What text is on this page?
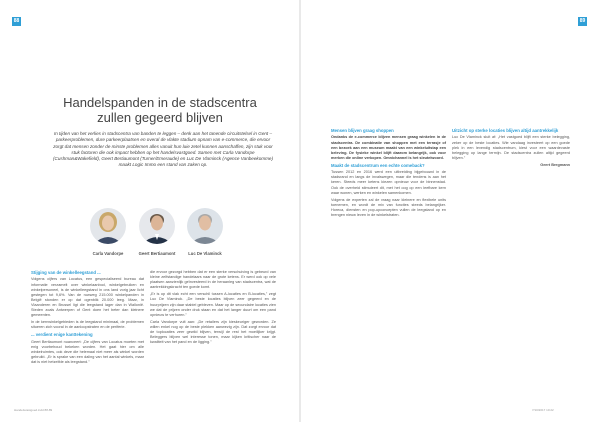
88	89
Handelspanden in de stadscentra
zullen gegeerd blijven

In tijden van het verlies in stadscentra van banden te leggen – denk aan het tanende circuitstelsel in Gent – parkeerproblemen, dure parkeerplaatsen en overal de vlakte stadium opnam van e-commerce, die ervoor zorgt dat mensen zonder de minste problemen alles vanuit hun luie zetel kunnen aanschaffen, zijn stuk voor stuk factoren die ook impact hebben op het handelsvastgoed. Samen met Carla Vandorpe (Cushman&Wakefield), Geert Bertiaumont (Turner/Emeraude) en Luc De Vlaminck (Agence Vanbeekomme) maakt Logic Immo een stand van zaken op.

Carla Vandorpe	Geert Bertiaumont	Luc De Vlaminck

Stijging van de winkelleegstand ...

Volgens cijfers van Locatus, een gespecialiseerd bureau dat informatie verzamelt over winkelaanbod, winkelgebruiken en winkelpersoneel, is de winkelleegstand in ons land vorig jaar licht gestegen tot 9,6%. Van de ruwweg 215.000 winkelpanden in België stonden er op dat ogenblik 20.000 leeg. Maar, in Vlaanderen en Brussel ligt die leegstand lager dan in Wallonië. Steden zoals Antwerpen of Gent doen het beter dan kleinere gemeenten.

In de kernwinkelgebieden is de leegstand minimaal, de problemen situeren zich vooral in de aanloopstraten en de periferie.

... verdient enige kanttekening

Geert Bertiaumont nuanceert: „De cijfers van Locatus moeten met enig voorbehoud bekeken worden. Het gaat hier om alle winkelruimtes, ook deze die helemaal niet meer als winkel worden gebruikt. „Er is sprake van een daling van het aantal winkels, maar dat is niet hetzelfde als leegstand."

die ervoor gezorgd hebben dat er een sterke verschuiving is gebeurd van kleine zelfstandige handelaars naar de grote ketens. Er werd ook op vele plaatsen aanzienlijk geïnvesteerd in de heraanleg van stadscentra, wat de aantrekkingskracht ten goede komt.

„Er is op dit vlak echt een verschil tussen A-locaties en B-locaties," zegt Luc De Vlaminck. „De beste locaties blijven zeer gegeerd en de huurprijzen zijn daar stabiel gebleven. Maar op de secundaire locaties zien we dat de prijzen onder druk staan en dat het langer duurt om een pand opnieuw te verhuren."

Carla Vandorpe vult aan: „De retailers zijn kieskeuriger geworden. Ze willen enkel nog op de beste plekken aanwezig zijn. Dat zorgt ervoor dat de toplocaties zeer gewild blijven, terwijl de rest het moeilijker krijgt. Beleggers blijven wel interesse tonen, maar kijken kritischer naar de kwaliteit van het pand en de ligging."

Mensen blijven graag shoppen

Ondanks de e-commerce blijven mensen graag winkelen in de stadscentra. De combinatie van shoppen met een terrasje of een bezoek aan een museum maakt van een winkeluitstap een beleving. De fysieke winkel blijft daarom belangrijk, ook voor merken die online verkopen. Omnichannel is het sleutelwoord.

Maakt de stadscentrum een echte comeback?

Tussen 2012 en 2016 werd een uitbreiding bijgebouwd in de stadsrand en langs de invalswegen, maar die tendens is aan het keren. Steeds meer ketens kiezen opnieuw voor de binnenstad. Ook de overheid stimuleert dit, met het oog op een leefbare kern waar wonen, werken en winkelen samenkomen.

Volgens de experten zal de vraag naar kleinere en flexibele units toenemen, en wordt de mix van functies steeds belangrijker. Horeca, diensten en pop-upconcepten vullen de leegstand op en brengen nieuw leven in de winkelstraten.

Uitzicht op sterke locaties blijven altijd aantrekkelijk

Luc De Vlaminck sluit af: „Het vastgoed blijft een sterke belegging, zeker op de beste locaties. Wie vandaag investeert op een goede plek in een levendig stadscentrum, kiest voor een waardevaste belegging op lange termijn. De stadscentra zullen altijd gegeerd blijven."

Geert Bregmann

Handelsvastgoed.indd 88-89	7/10/2017 10:22
